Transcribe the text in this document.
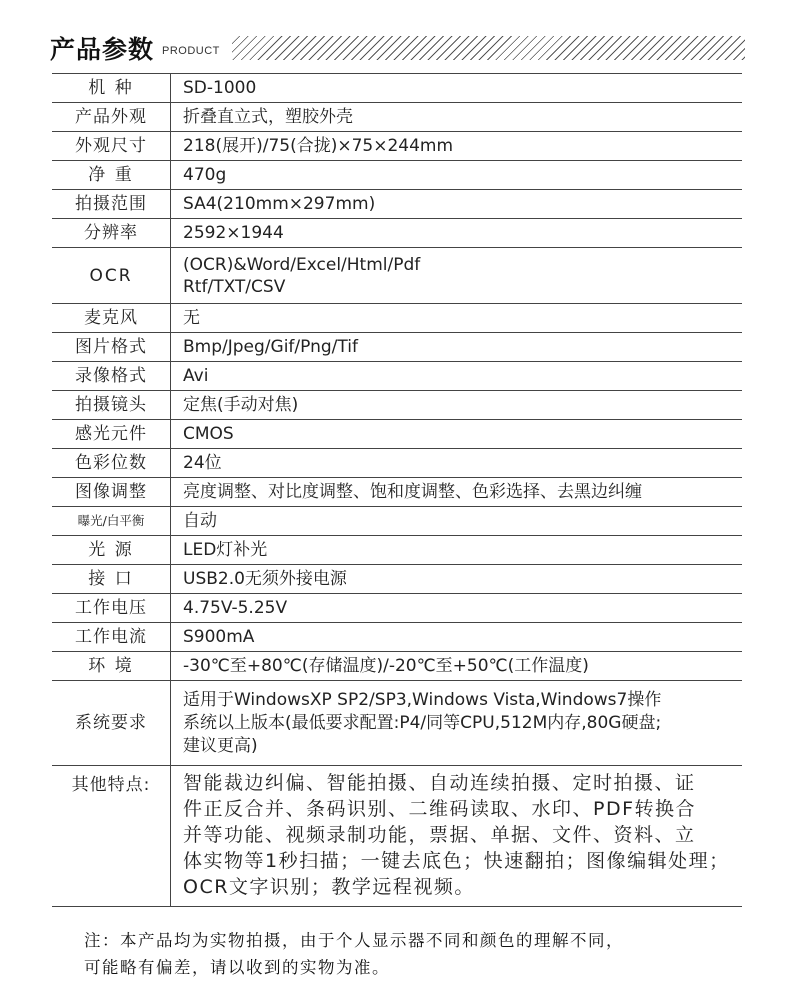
产品参数 PRODUCT
机 种	SD-1000
产品外观	折叠直立式，塑胶外壳
外观尺寸	218(展开)/75(合拢)×75×244mm
净 重	470g
拍摄范围	SA4(210mm×297mm)
分辨率	2592×1944
OCR	(OCR)&Word/Excel/Html/Pdf
Rtf/TXT/CSV

麦克风	无
图片格式	Bmp/Jpeg/Gif/Png/Tif
录像格式	Avi
拍摄镜头	定焦(手动对焦)
感光元件	CMOS
色彩位数	24位
图像调整	亮度调整、对比度调整、饱和度调整、色彩选择、去黑边纠缠
曝光/白平衡	自动
光 源	LED灯补光
接 口	USB2.0无须外接电源
工作电压	4.75V-5.25V
工作电流	S900mA
环 境	-30℃至+80℃(存储温度)/-20℃至+50℃(工作温度)
系统要求	适用于WindowsXP SP2/SP3,Windows Vista,Windows7操作
系统以上版本(最低要求配置:P4/同等CPU,512M内存,80G硬盘;
建议更高)

其他特点:	智能裁边纠偏、智能拍摄、自动连续拍摄、定时拍摄、证
件正反合并、条码识别、二维码读取、水印、PDF转换合
并等功能、视频录制功能，票据、单据、文件、资料、立
体实物等1秒扫描；一键去底色；快速翻拍；图像编辑处理；
OCR文字识别；教学远程视频。
注：本产品均为实物拍摄，由于个人显示器不同和颜色的理解不同，
可能略有偏差，请以收到的实物为准。
